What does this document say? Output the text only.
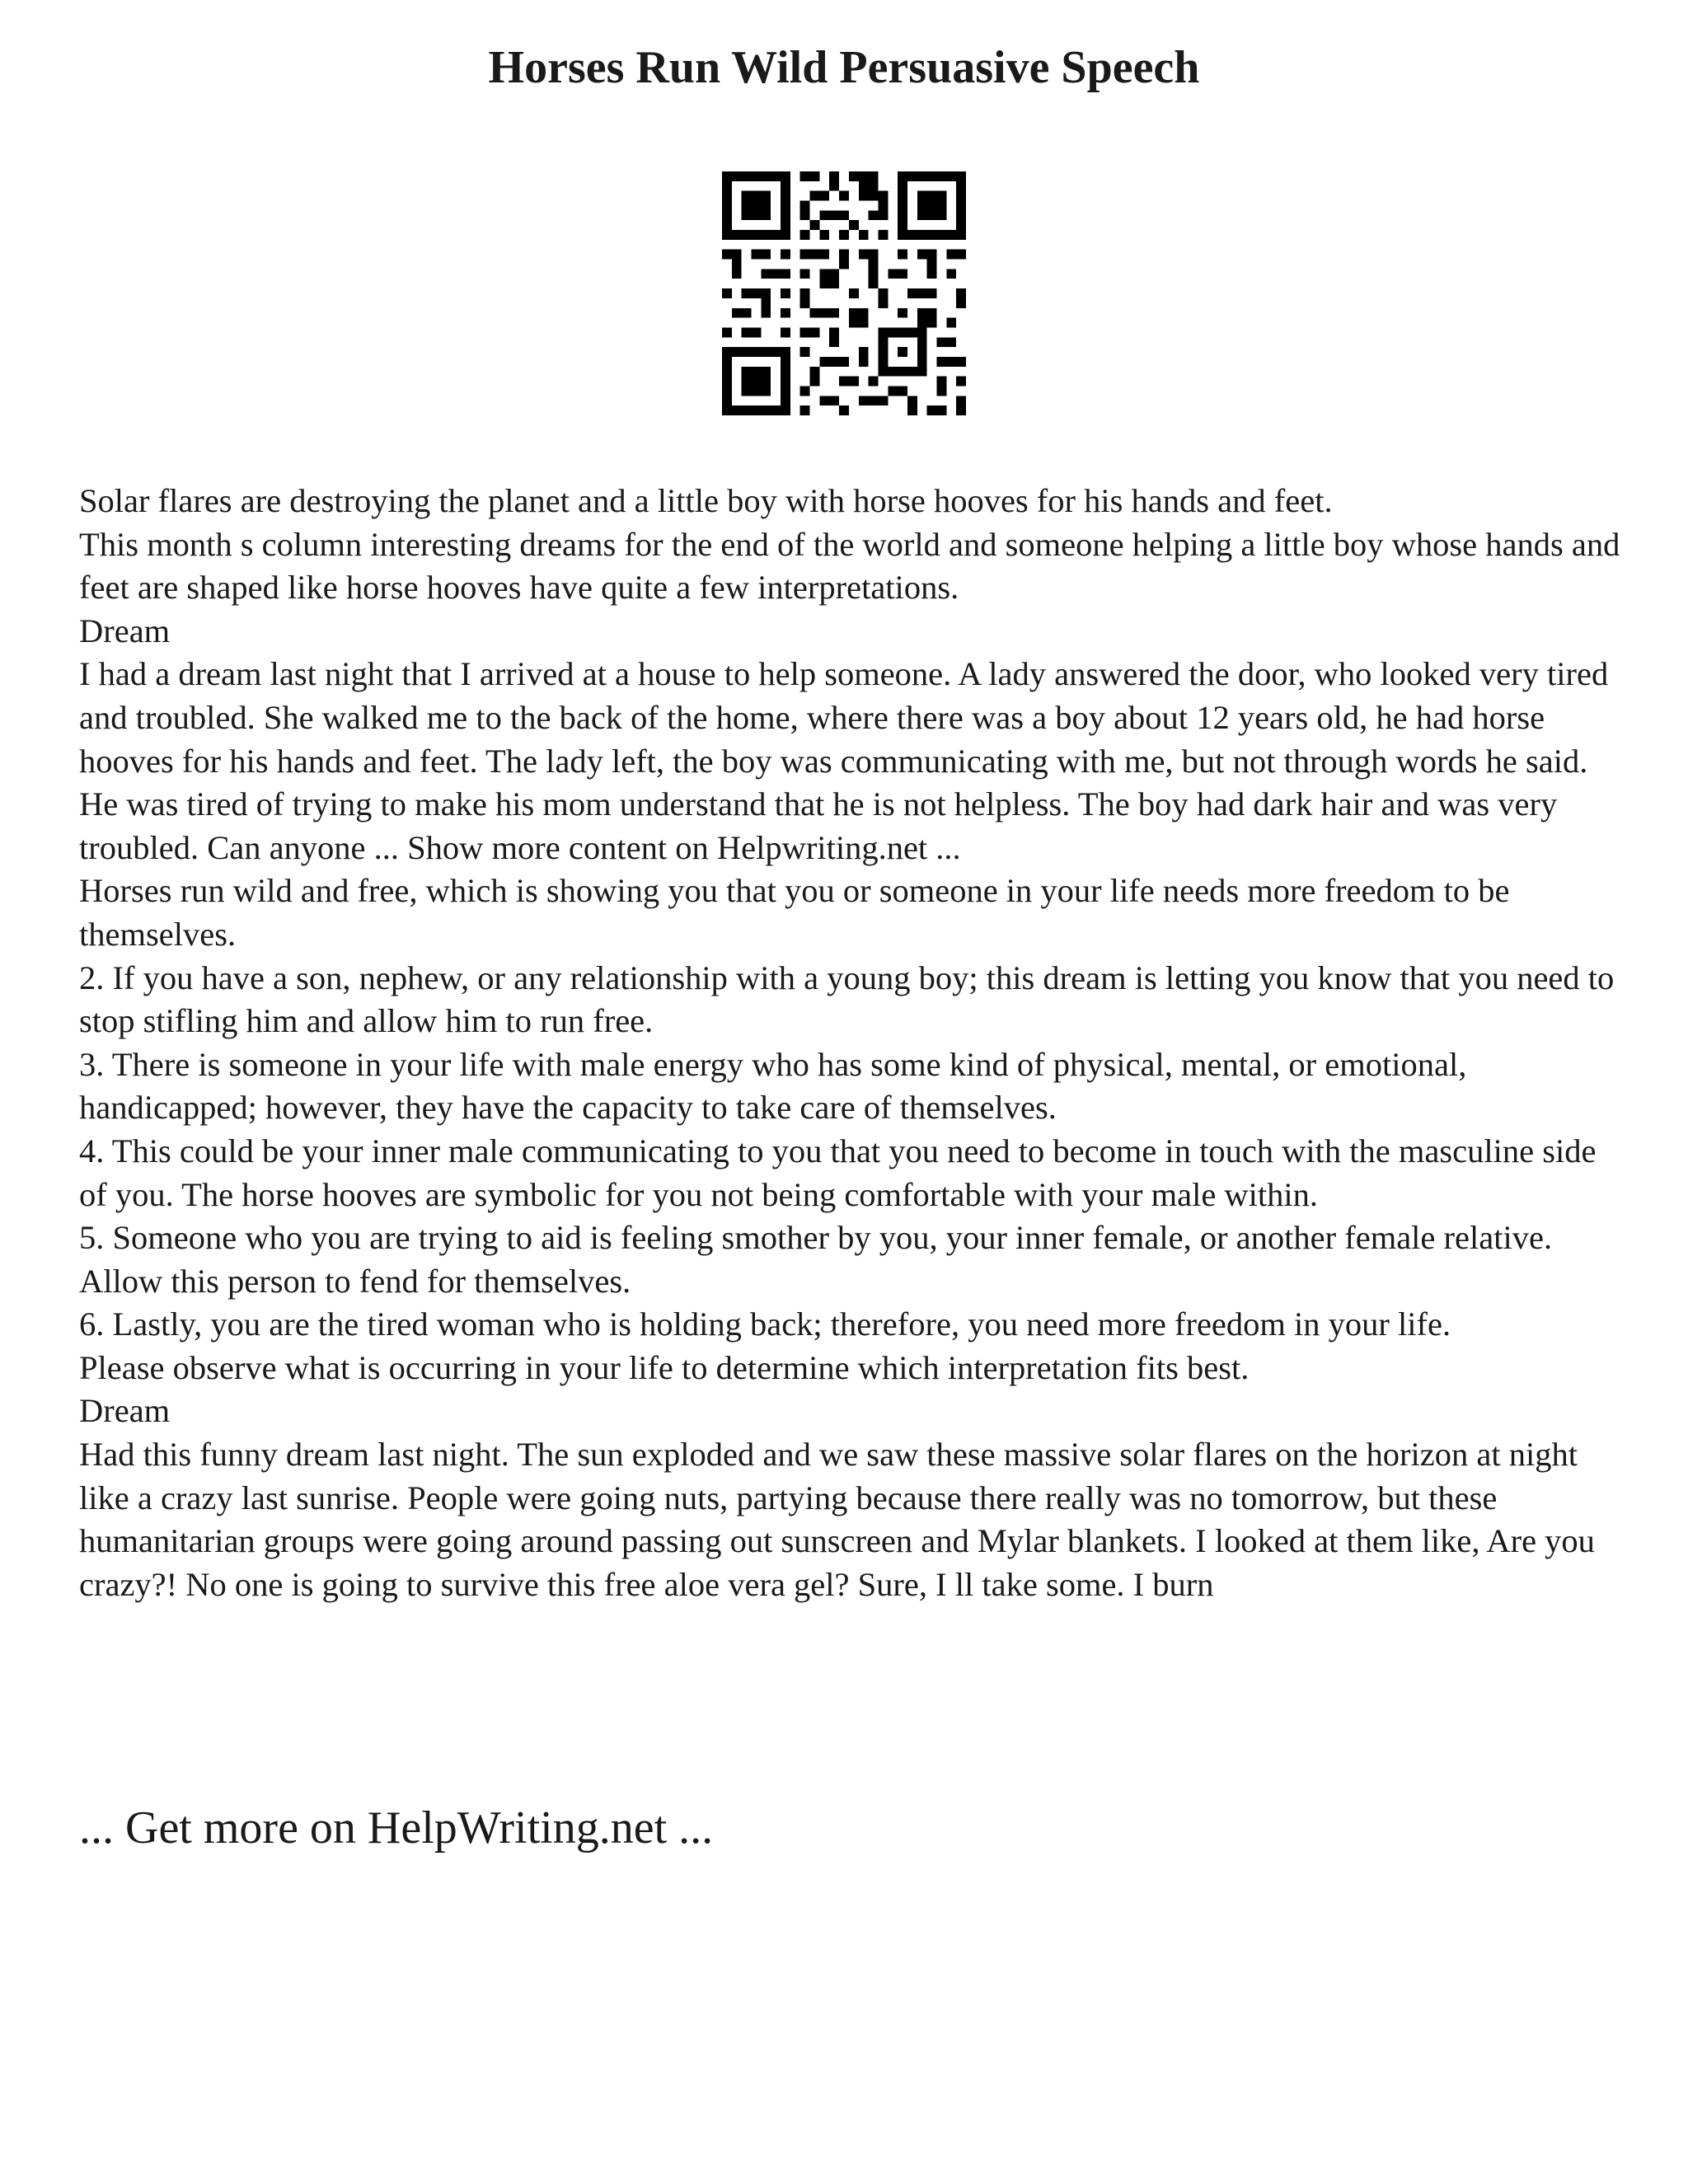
Horses Run Wild Persuasive Speech

Solar flares are destroying the planet and a little boy with horse hooves for his hands and feet.

This month s column interesting dreams for the end of the world and someone helping a little boy whose hands and feet are shaped like horse hooves have quite a few interpretations.

Dream

I had a dream last night that I arrived at a house to help someone. A lady answered the door, who looked very tired and troubled. She walked me to the back of the home, where there was a boy about 12 years old, he had horse hooves for his hands and feet. The lady left, the boy was communicating with me, but not through words he said. He was tired of trying to make his mom understand that he is not helpless. The boy had dark hair and was very troubled. Can anyone ... Show more content on Helpwriting.net ...

Horses run wild and free, which is showing you that you or someone in your life needs more freedom to be themselves.

2. If you have a son, nephew, or any relationship with a young boy; this dream is letting you know that you need to stop stifling him and allow him to run free.

3. There is someone in your life with male energy who has some kind of physical, mental, or emotional, handicapped; however, they have the capacity to take care of themselves.

4. This could be your inner male communicating to you that you need to become in touch with the masculine side of you. The horse hooves are symbolic for you not being comfortable with your male within.

5. Someone who you are trying to aid is feeling smother by you, your inner female, or another female relative. Allow this person to fend for themselves.

6. Lastly, you are the tired woman who is holding back; therefore, you need more freedom in your life.

Please observe what is occurring in your life to determine which interpretation fits best.

Dream

Had this funny dream last night. The sun exploded and we saw these massive solar flares on the horizon at night like a crazy last sunrise. People were going nuts, partying because there really was no tomorrow, but these humanitarian groups were going around passing out sunscreen and Mylar blankets. I looked at them like, Are you crazy?! No one is going to survive this free aloe vera gel? Sure, I ll take some. I burn

... Get more on HelpWriting.net ...
